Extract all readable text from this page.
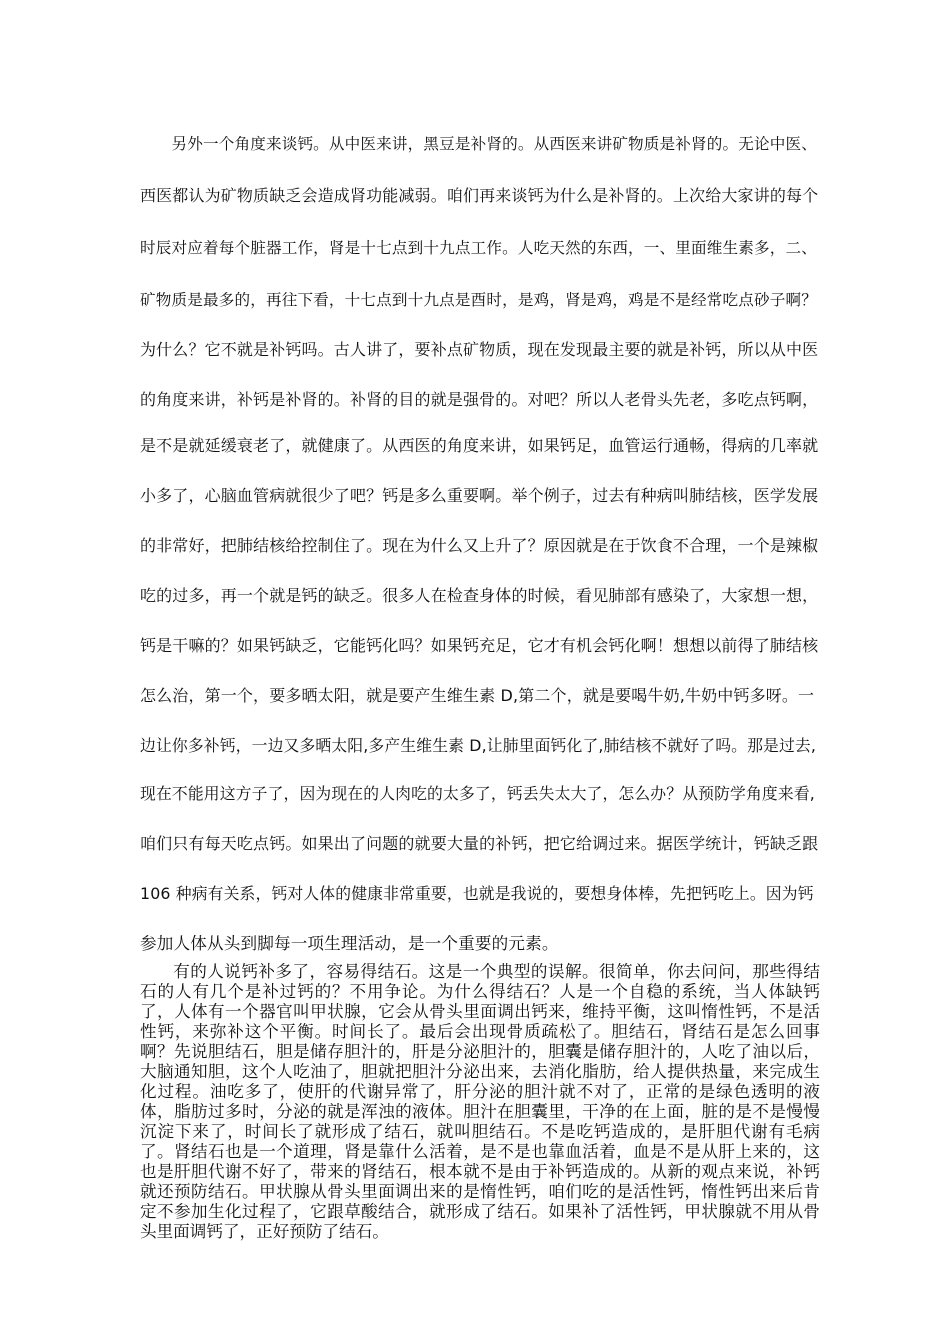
　　另外一个角度来谈钙。从中医来讲，黑豆是补肾的。从西医来讲矿物质是补肾的。无论中医、
西医都认为矿物质缺乏会造成肾功能减弱。咱们再来谈钙为什么是补肾的。上次给大家讲的每个
时辰对应着每个脏器工作，肾是十七点到十九点工作。人吃天然的东西，一、里面维生素多，二、
矿物质是最多的，再往下看，十七点到十九点是酉时，是鸡，肾是鸡，鸡是不是经常吃点砂子啊？
为什么？它不就是补钙吗。古人讲了，要补点矿物质，现在发现最主要的就是补钙，所以从中医
的角度来讲，补钙是补肾的。补肾的目的就是强骨的。对吧？所以人老骨头先老，多吃点钙啊，
是不是就延缓衰老了，就健康了。从西医的角度来讲，如果钙足，血管运行通畅，得病的几率就
小多了，心脑血管病就很少了吧？钙是多么重要啊。举个例子，过去有种病叫肺结核，医学发展
的非常好，把肺结核给控制住了。现在为什么又上升了？原因就是在于饮食不合理，一个是辣椒
吃的过多，再一个就是钙的缺乏。很多人在检查身体的时候，看见肺部有感染了，大家想一想，
钙是干嘛的？如果钙缺乏，它能钙化吗？如果钙充足，它才有机会钙化啊！想想以前得了肺结核
怎么治，第一个，要多晒太阳，就是要产生维生素 D,第二个，就是要喝牛奶,牛奶中钙多呀。一
边让你多补钙，一边又多晒太阳,多产生维生素 D,让肺里面钙化了,肺结核不就好了吗。那是过去,
现在不能用这方子了，因为现在的人肉吃的太多了，钙丢失太大了，怎么办？从预防学角度来看,
咱们只有每天吃点钙。如果出了问题的就要大量的补钙，把它给调过来。据医学统计，钙缺乏跟
106 种病有关系，钙对人体的健康非常重要，也就是我说的，要想身体棒，先把钙吃上。因为钙
参加人体从头到脚每一项生理活动，是一个重要的元素。
有的人说钙补多了，容易得结石。这是一个典型的误解。很简单，你去问问，那些得结石的人有几个是补过钙的？不用争论。为什么得结石？人是一个自稳的系统，当人体缺钙了，人体有一个器官叫甲状腺，它会从骨头里面调出钙来，维持平衡，这叫惰性钙，不是活性钙，来弥补这个平衡。时间长了。最后会出现骨质疏松了。胆结石，肾结石是怎么回事啊？先说胆结石，胆是储存胆汁的，肝是分泌胆汁的，胆囊是储存胆汁的，人吃了油以后，大脑通知胆，这个人吃油了，胆就把胆汁分泌出来，去消化脂肪，给人提供热量，来完成生化过程。油吃多了，使肝的代谢异常了，肝分泌的胆汁就不对了，正常的是绿色透明的液体，脂肪过多时，分泌的就是浑浊的液体。胆汁在胆囊里，干净的在上面，脏的是不是慢慢沉淀下来了，时间长了就形成了结石，就叫胆结石。不是吃钙造成的，是肝胆代谢有毛病了。肾结石也是一个道理，肾是靠什么活着，是不是也靠血活着，血是不是从肝上来的，这也是肝胆代谢不好了，带来的肾结石，根本就不是由于补钙造成的。从新的观点来说，补钙就还预防结石。甲状腺从骨头里面调出来的是惰性钙，咱们吃的是活性钙，惰性钙出来后肯定不参加生化过程了，它跟草酸结合，就形成了结石。如果补了活性钙，甲状腺就不用从骨头里面调钙了，正好预防了结石。
